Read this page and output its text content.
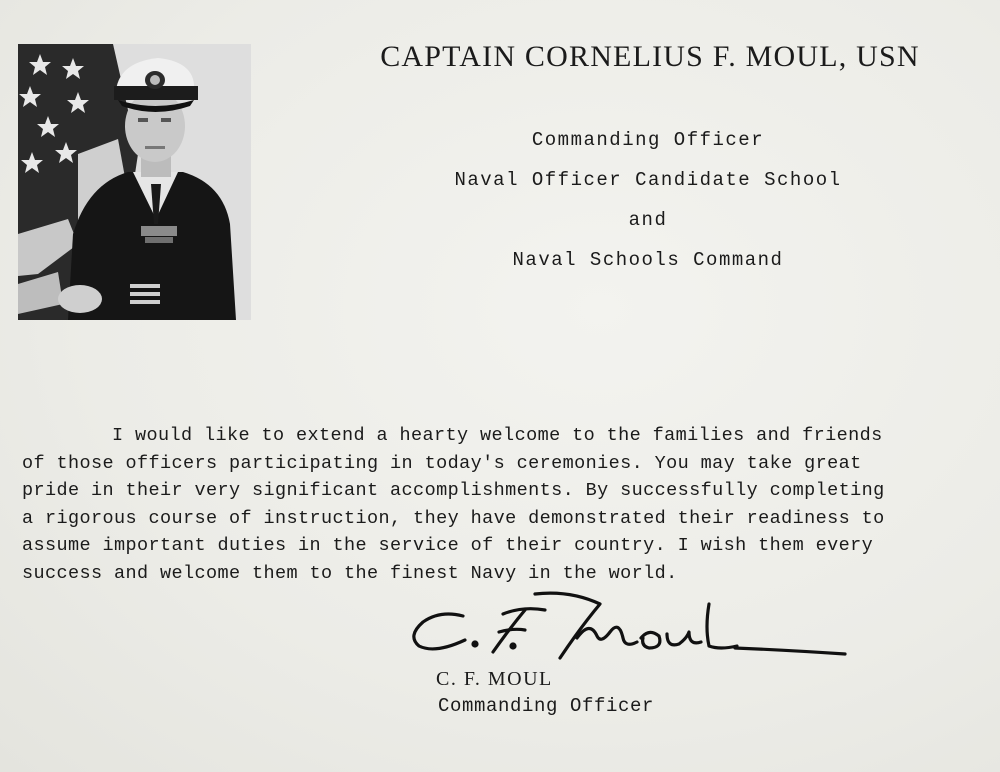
CAPTAIN CORNELIUS F. MOUL, USN
Commanding Officer
Naval Officer Candidate School
and
Naval Schools Command
I would like to extend a hearty welcome to the families and friends
of those officers participating in today's ceremonies. You may take great
pride in their very significant accomplishments. By successfully completing
a rigorous course of instruction, they have demonstrated their readiness to
assume important duties in the service of their country. I wish them every
success and welcome them to the finest Navy in the world.
C. F. MOUL
Commanding Officer
